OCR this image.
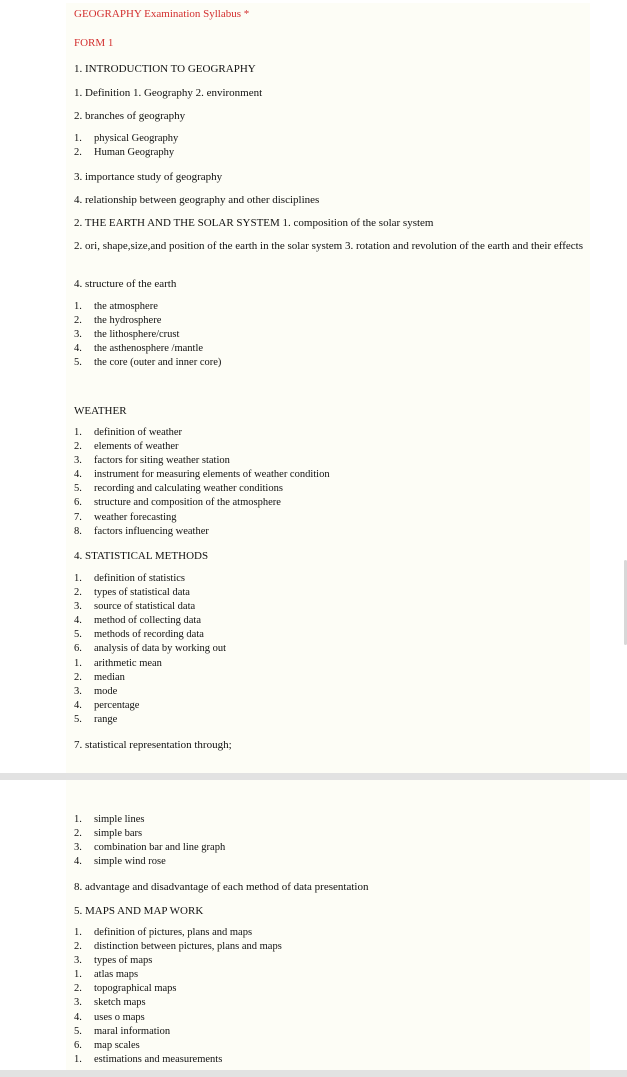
GEOGRAPHY Examination Syllabus *
FORM 1
1. INTRODUCTION TO GEOGRAPHY
1. Definition 1. Geography 2. environment
2. branches of geography
1. physical Geography
2. Human Geography
3. importance study of geography
4. relationship between geography and other disciplines
2. THE EARTH AND THE SOLAR SYSTEM 1. composition of the solar system
2. ori, shape,size,and position of the earth in the solar system 3. rotation and revolution of the earth and their effects
4. structure of the earth
1. the atmosphere
2. the hydrosphere
3. the lithosphere/crust
4. the asthenosphere /mantle
5. the core (outer and inner core)
WEATHER
1. definition of weather
2. elements of weather
3. factors for siting weather station
4. instrument for measuring elements of weather condition
5. recording and calculating weather conditions
6. structure and composition of the atmosphere
7. weather forecasting
8. factors influencing weather
4. STATISTICAL METHODS
1. definition of statistics
2. types of statistical data
3. source of statistical data
4. method of collecting data
5. methods of recording data
6. analysis of data by working out
1. arithmetic mean
2. median
3. mode
4. percentage
5. range
7. statistical representation through;
1. simple lines
2. simple bars
3. combination bar and line graph
4. simple wind rose
8. advantage and disadvantage of each method of data presentation
5. MAPS AND MAP WORK
1. definition of pictures, plans and maps
2. distinction between pictures, plans and maps
3. types of maps
1. atlas maps
2. topographical maps
3. sketch maps
4. uses o maps
5. maral information
6. map scales
1. estimations and measurements
